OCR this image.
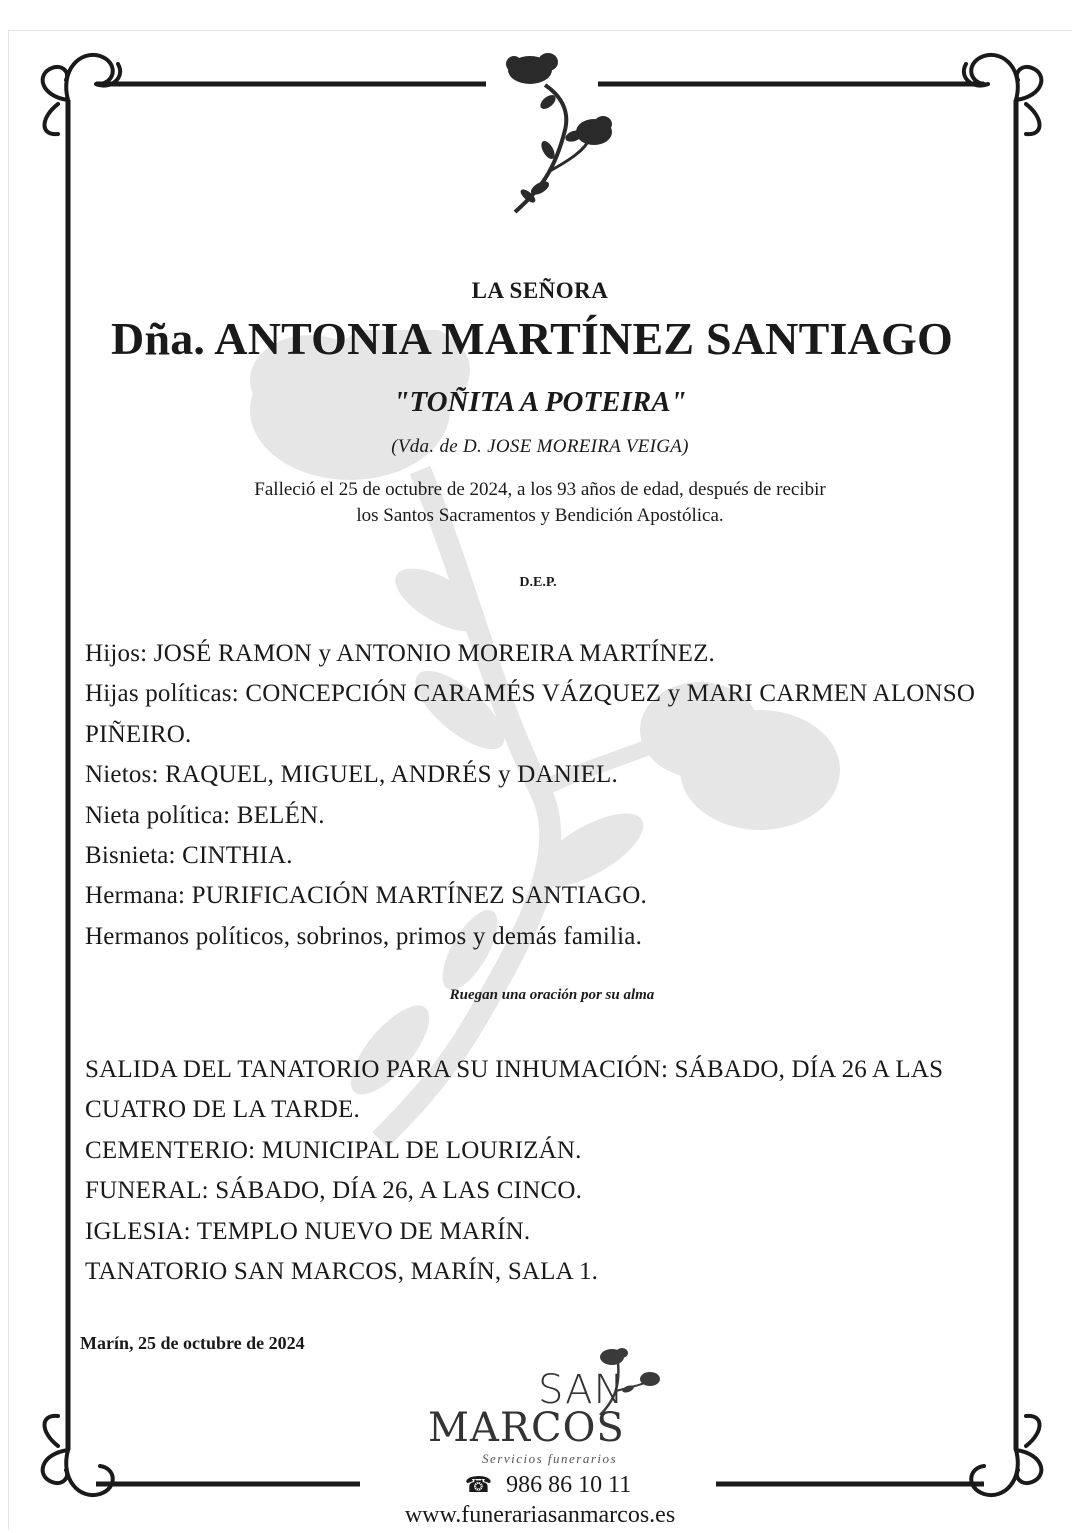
LA SEÑORA
Dña. ANTONIA MARTÍNEZ SANTIAGO
"TOÑITA A POTEIRA"
(Vda. de D. JOSE MOREIRA VEIGA)
Falleció el 25 de octubre de 2024, a los 93 años de edad, después de recibir
los Santos Sacramentos y Bendición Apostólica.
D.E.P.
Hijos: JOSÉ RAMON y ANTONIO MOREIRA MARTÍNEZ.
Hijas políticas: CONCEPCIÓN CARAMÉS VÁZQUEZ y MARI CARMEN ALONSO PIÑEIRO.
Nietos: RAQUEL, MIGUEL, ANDRÉS y DANIEL.
Nieta política: BELÉN.
Bisnieta: CINTHIA.
Hermana: PURIFICACIÓN MARTÍNEZ SANTIAGO.
Hermanos políticos, sobrinos, primos y demás familia.
Ruegan una oración por su alma
SALIDA DEL TANATORIO PARA SU INHUMACIÓN: SÁBADO, DÍA 26 A LAS CUATRO DE LA TARDE.
CEMENTERIO: MUNICIPAL DE LOURIZÁN.
FUNERAL: SÁBADO, DÍA 26, A LAS CINCO.
IGLESIA: TEMPLO NUEVO DE MARÍN.
TANATORIO SAN MARCOS, MARÍN, SALA 1.
Marín, 25 de octubre de 2024
SAN
MARCOS
Servicios funerarios
☎ 986 86 10 11
www.funerariasanmarcos.es
